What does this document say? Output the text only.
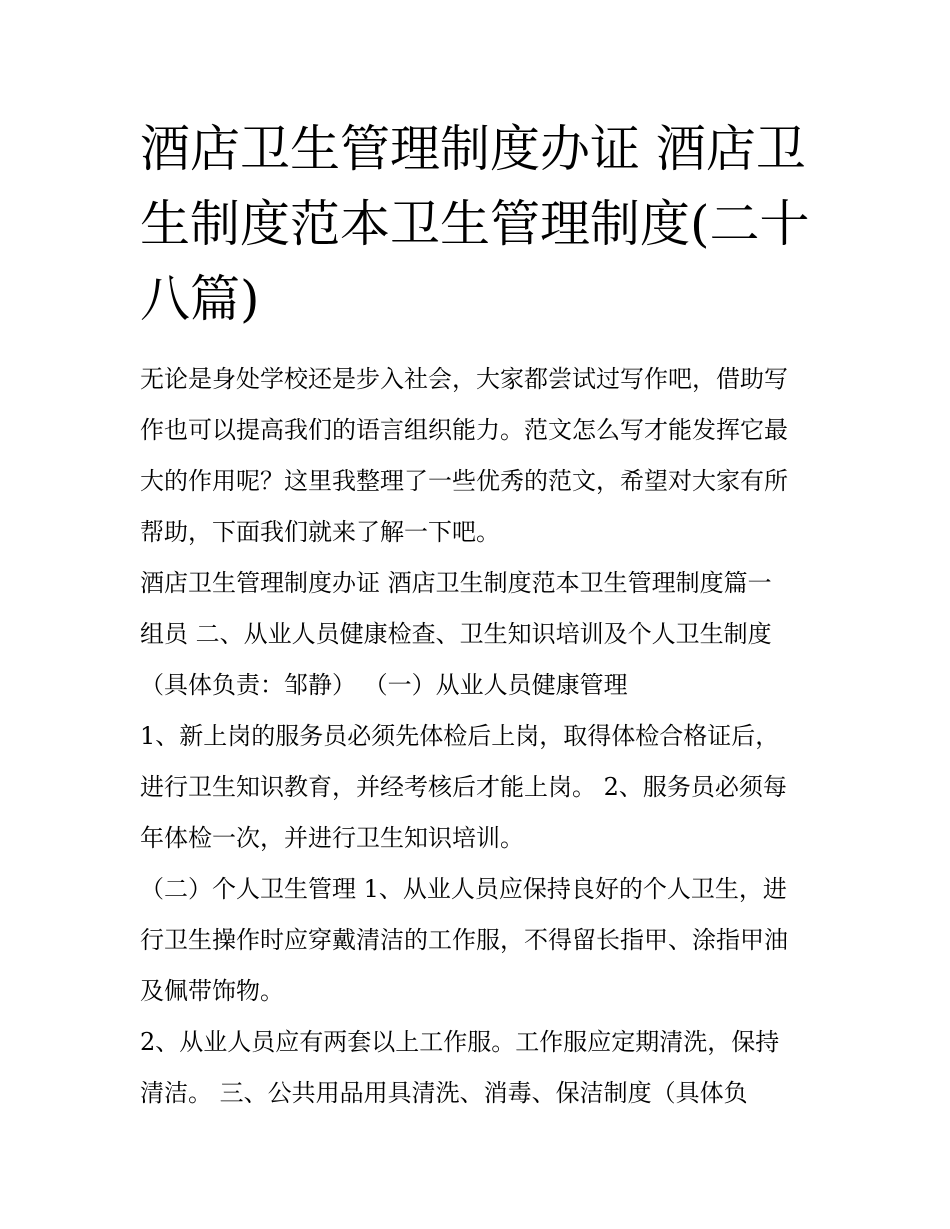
酒店卫生管理制度办证 酒店卫
生制度范本卫生管理制度(二十
八篇)
无论是身处学校还是步入社会，大家都尝试过写作吧，借助写
作也可以提高我们的语言组织能力。范文怎么写才能发挥它最
大的作用呢？这里我整理了一些优秀的范文，希望对大家有所
帮助，下面我们就来了解一下吧。
酒店卫生管理制度办证 酒店卫生制度范本卫生管理制度篇一
组员 二、从业人员健康检查、卫生知识培训及个人卫生制度
（具体负责：邹静） （一）从业人员健康管理
1、新上岗的服务员必须先体检后上岗，取得体检合格证后，
进行卫生知识教育，并经考核后才能上岗。 2、服务员必须每
年体检一次，并进行卫生知识培训。
（二）个人卫生管理 1、从业人员应保持良好的个人卫生，进
行卫生操作时应穿戴清洁的工作服，不得留长指甲、涂指甲油
及佩带饰物。
2、从业人员应有两套以上工作服。工作服应定期清洗，保持
清洁。 三、公共用品用具清洗、消毒、保洁制度（具体负
